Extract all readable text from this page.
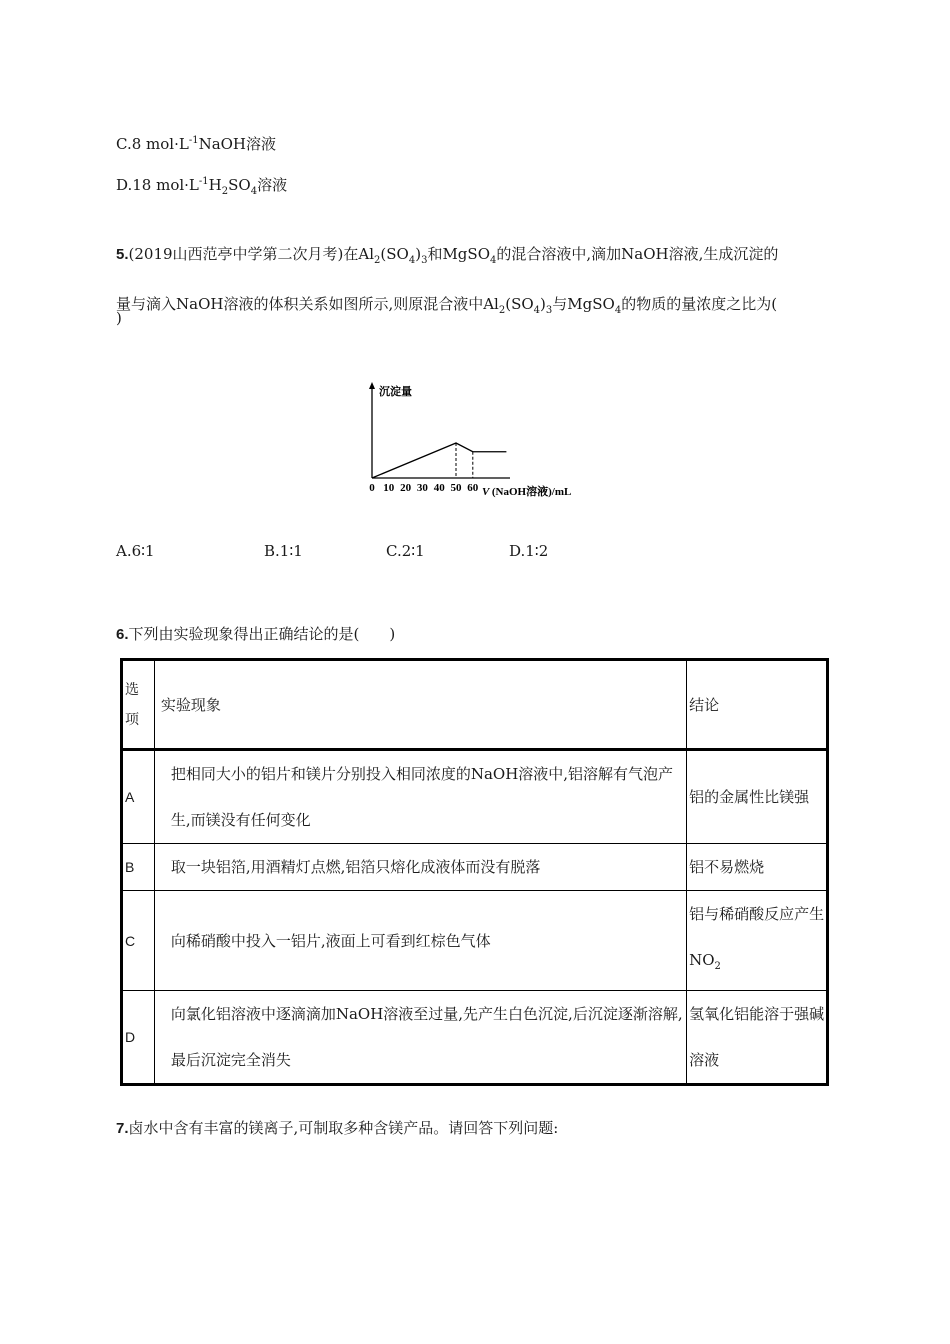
C.8 $mol\cdot L^{-1}NaOH$溶液
D.18 $mol\cdot L^{-1}H_2SO_4$溶液
5.(2019山西范亭中学第二次月考)在$Al_2(SO_4)_3$和MgSO$_4$的混合溶液中,滴加NaOH溶液,生成沉淀的
量与滴入NaOH溶液的体积关系如图所示,则原混合液中$Al_2(SO_4)_3$与MgSO$_4$的物质的量浓度之比为(
)
沉淀量
0 10 20 30 40 50 60 V (NaOH溶液)/mL
A.6∶1	B.1∶1	C.2∶1	D.1∶2
6.下列由实验现象得出正确结论的是(　　)
选
项	实验现象	结论
A	把相同大小的铝片和镁片分别投入相同浓度的NaOH溶液中,铝溶解有气泡产生,而镁没有任何变化	铝的金属性比镁强
B	取一块铝箔,用酒精灯点燃,铝箔只熔化成液体而没有脱落	铝不易燃烧
C	向稀硝酸中投入一铝片,液面上可看到红棕色气体	铝与稀硝酸反应产生$NO_2$
D	向氯化铝溶液中逐滴滴加NaOH溶液至过量,先产生白色沉淀,后沉淀逐渐溶解,最后沉淀完全消失	氢氧化铝能溶于强碱溶液
7.卤水中含有丰富的镁离子,可制取多种含镁产品。请回答下列问题:
